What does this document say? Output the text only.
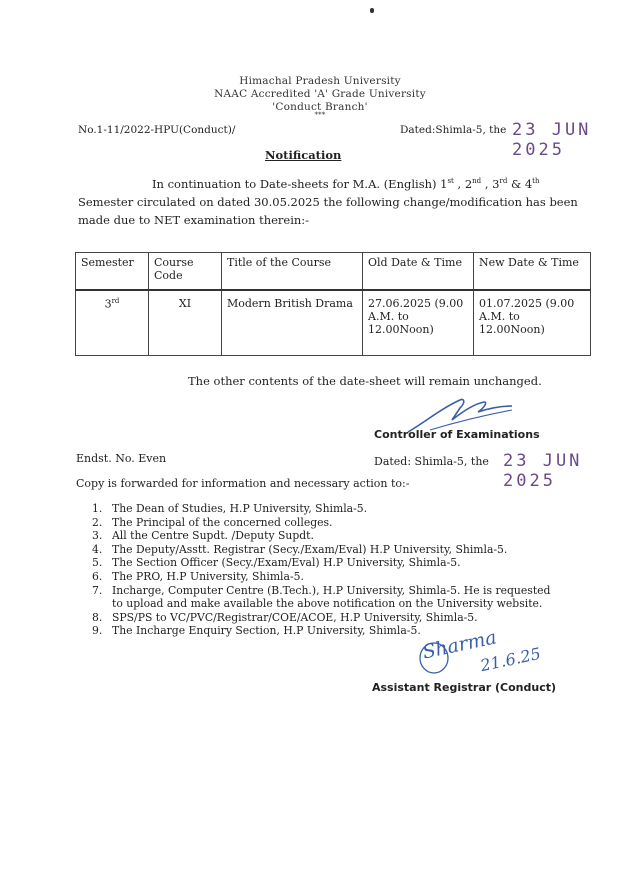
Himachal Pradesh University
NAAC Accredited 'A' Grade University
'Conduct Branch'
***
No.1-11/2022-HPU(Conduct)/	Dated:Shimla-5, the 23 JUN 2025
Notification
In continuation to Date-sheets for M.A. (English) 1st , 2nd , 3rd & 4th
Semester circulated on dated 30.05.2025 the following change/modification has been
made due to NET examination therein:-
Semester	Course Code	Title of the Course	Old Date & Time	New Date & Time
3rd	XI	Modern British Drama	27.06.2025 (9.00 A.M. to 12.00Noon)	01.07.2025 (9.00 A.M. to 12.00Noon)
The other contents of the date-sheet will remain unchanged.
Controller of Examinations
Endst. No. Even	Dated: Shimla-5, the 23 JUN 2025
Copy is forwarded for information and necessary action to:-
1. The Dean of Studies, H.P University, Shimla-5.
2. The Principal of the concerned colleges.
3. All the Centre Supdt. /Deputy Supdt.
4. The Deputy/Asstt. Registrar (Secy./Exam/Eval) H.P University, Shimla-5.
5. The Section Officer (Secy./Exam/Eval) H.P University, Shimla-5.
6. The PRO, H.P University, Shimla-5.
7. Incharge, Computer Centre (B.Tech.), H.P University, Shimla-5. He is requested to upload and make available the above notification on the University website.
8. SPS/PS to VC/PVC/Registrar/COE/ACOE, H.P University, Shimla-5.
9. The Incharge Enquiry Section, H.P University, Shimla-5. Sharma
21.6.25
Assistant Registrar (Conduct)
